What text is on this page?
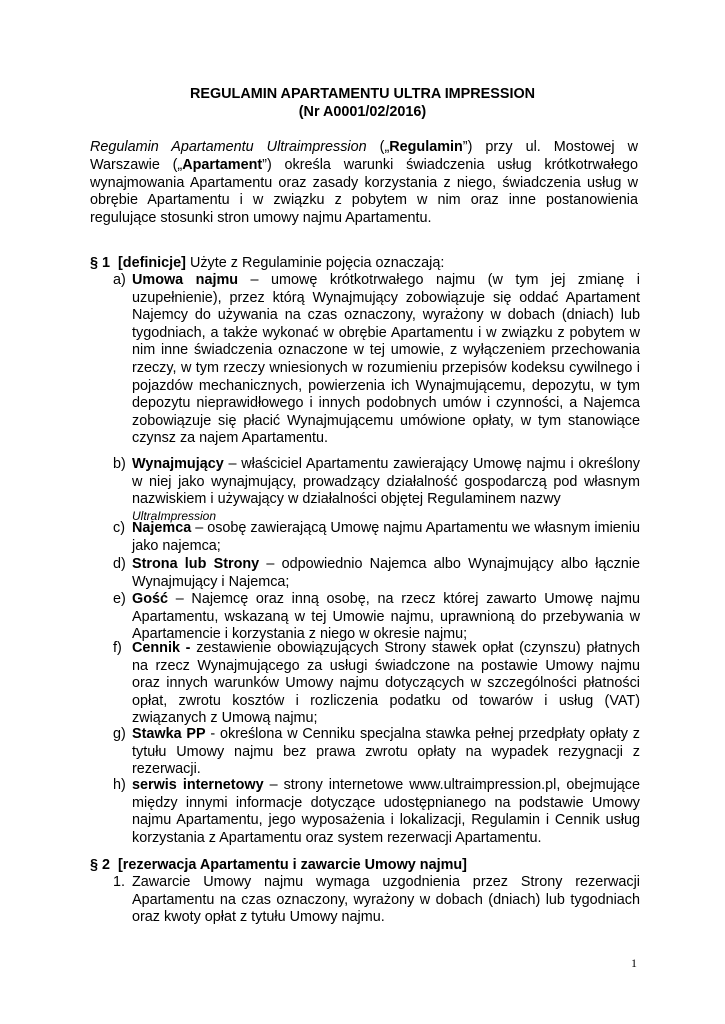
REGULAMIN APARTAMENTU ULTRA IMPRESSION
(Nr A0001/02/2016)
Regulamin Apartamentu Ultraimpression („Regulamin”) przy ul. Mostowej w Warszawie („Apartament”) określa warunki świadczenia usług krótkotrwałego wynajmowania Apartamentu oraz zasady korzystania z niego, świadczenia usług w obrębie Apartamentu i w związku z pobytem w nim oraz inne postanowienia regulujące stosunki stron umowy najmu Apartamentu.
§ 1 [definicje] Użyte z Regulaminie pojęcia oznaczają:
a) Umowa najmu – umowę krótkotrwałego najmu (w tym jej zmianę i uzupełnienie), przez którą Wynajmujący zobowiązuje się oddać Apartament Najemcy do używania na czas oznaczony, wyrażony w dobach (dniach) lub tygodniach, a także wykonać w obrębie Apartamentu i w związku z pobytem w nim inne świadczenia oznaczone w tej umowie, z wyłączeniem przechowania rzeczy, w tym rzeczy wniesionych w rozumieniu przepisów kodeksu cywilnego i pojazdów mechanicznych, powierzenia ich Wynajmującemu, depozytu, w tym depozytu nieprawidłowego i innych podobnych umów i czynności, a Najemca zobowiązuje się płacić Wynajmującemu umówione opłaty, w tym stanowiące czynsz za najem Apartamentu.
b) Wynajmujący – właściciel Apartamentu zawierający Umowę najmu i określony w niej jako wynajmujący, prowadzący działalność gospodarczą pod własnym nazwiskiem i używający w działalności objętej Regulaminem nazwy
UltraImpression
c) Najemca – osobę zawierającą Umowę najmu Apartamentu we własnym imieniu jako najemca;
d) Strona lub Strony – odpowiednio Najemca albo Wynajmujący albo łącznie Wynajmujący i Najemca;
e) Gość – Najemcę oraz inną osobę, na rzecz której zawarto Umowę najmu Apartamentu, wskazaną w tej Umowie najmu, uprawnioną do przebywania w Apartamencie i korzystania z niego w okresie najmu;
f) Cennik - zestawienie obowiązujących Strony stawek opłat (czynszu) płatnych na rzecz Wynajmującego za usługi świadczone na postawie Umowy najmu oraz innych warunków Umowy najmu dotyczących w szczególności płatności opłat, zwrotu kosztów i rozliczenia podatku od towarów i usług (VAT) związanych z Umową najmu;
g) Stawka PP - określona w Cenniku specjalna stawka pełnej przedpłaty opłaty z tytułu Umowy najmu bez prawa zwrotu opłaty na wypadek rezygnacji z rezerwacji.
h) serwis internetowy – strony internetowe www.ultraimpression.pl, obejmujące między innymi informacje dotyczące udostępnianego na podstawie Umowy najmu Apartamentu, jego wyposażenia i lokalizacji, Regulamin i Cennik usług korzystania z Apartamentu oraz system rezerwacji Apartamentu.
§ 2 [rezerwacja Apartamentu i zawarcie Umowy najmu]
1. Zawarcie Umowy najmu wymaga uzgodnienia przez Strony rezerwacji Apartamentu na czas oznaczony, wyrażony w dobach (dniach) lub tygodniach oraz kwoty opłat z tytułu Umowy najmu.
1
